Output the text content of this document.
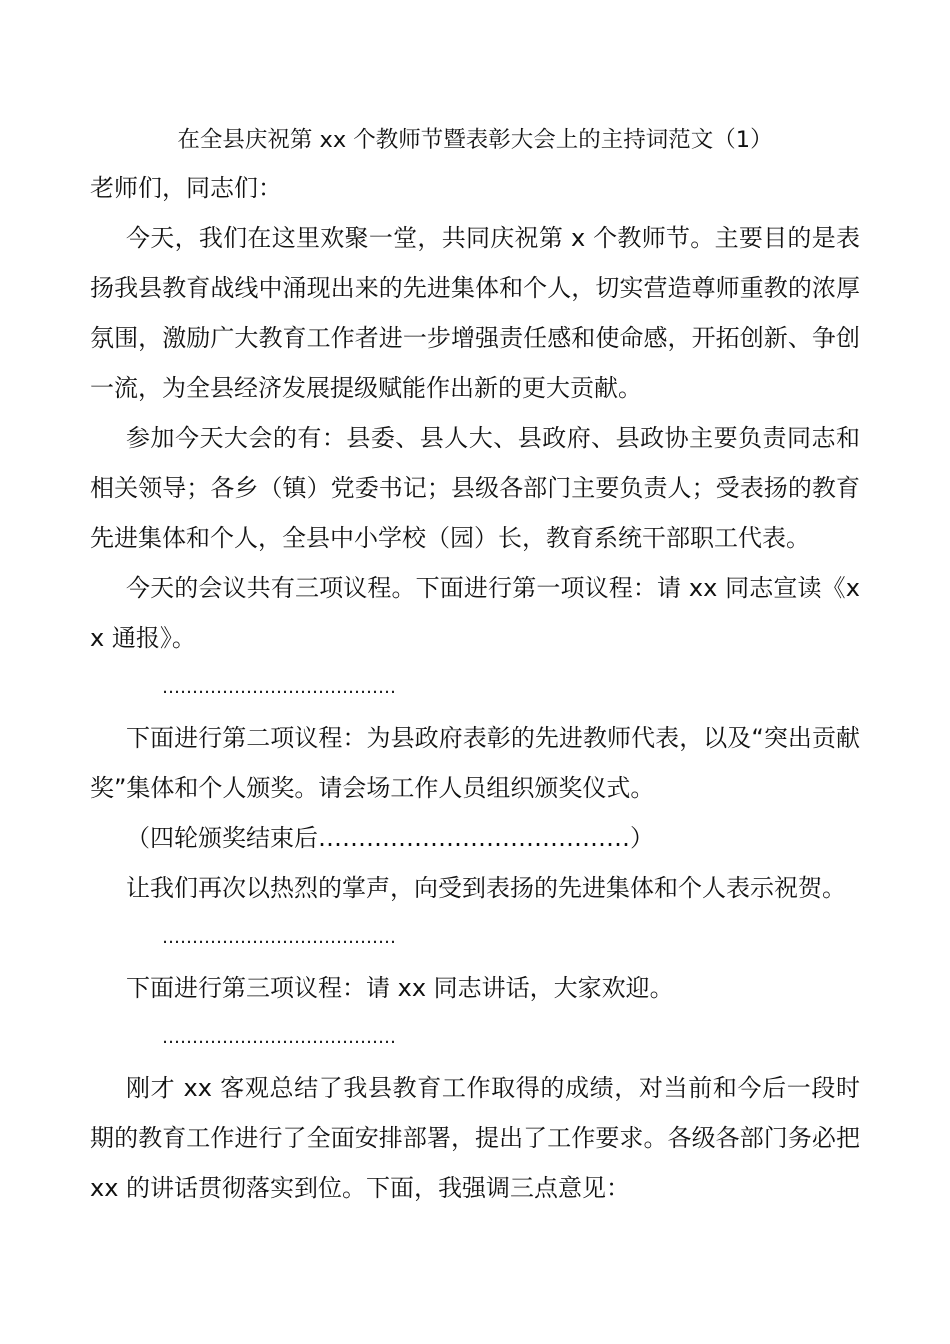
在全县庆祝第 xx 个教师节暨表彰大会上的主持词范文（1）

老师们，同志们：

今天，我们在这里欢聚一堂，共同庆祝第 x 个教师节。主要目的是表扬我县教育战线中涌现出来的先进集体和个人，切实营造尊师重教的浓厚氛围，激励广大教育工作者进一步增强责任感和使命感，开拓创新、争创一流，为全县经济发展提级赋能作出新的更大贡献。

参加今天大会的有：县委、县人大、县政府、县政协主要负责同志和相关领导；各乡（镇）党委书记；县级各部门主要负责人；受表扬的教育先进集体和个人，全县中小学校（园）长，教育系统干部职工代表。

今天的会议共有三项议程。下面进行第一项议程：请 xx 同志宣读《xx 通报》。

…………………………………

下面进行第二项议程：为县政府表彰的先进教师代表，以及“突出贡献奖”集体和个人颁奖。请会场工作人员组织颁奖仪式。

（四轮颁奖结束后…………………………………）

让我们再次以热烈的掌声，向受到表扬的先进集体和个人表示祝贺。

…………………………………

下面进行第三项议程：请 xx 同志讲话，大家欢迎。

…………………………………

刚才 xx 客观总结了我县教育工作取得的成绩，对当前和今后一段时期的教育工作进行了全面安排部署，提出了工作要求。各级各部门务必把 xx 的讲话贯彻落实到位。下面，我强调三点意见：
